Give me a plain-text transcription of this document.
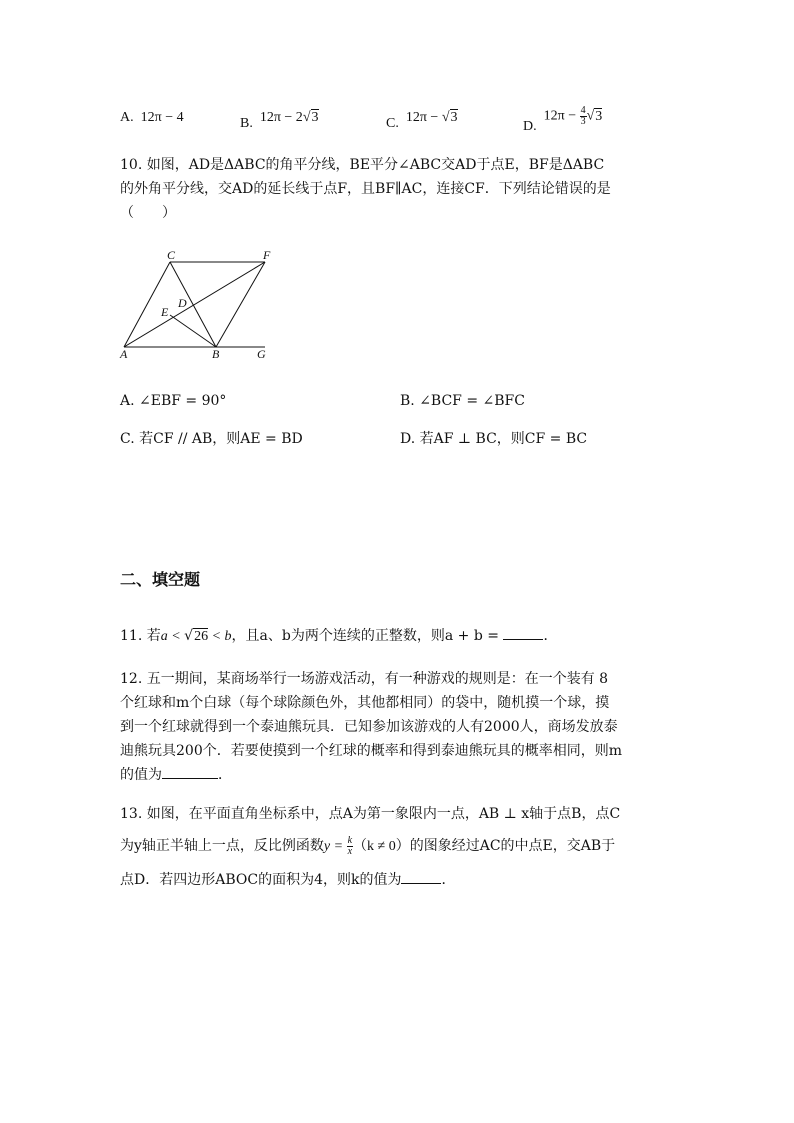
A. 12π − 4	B. 12π − 2√3	C. 12π − √3
D.  $12\pi - \frac{4}{3} √3$
10. 如图，AD是ΔABC的角平分线，BE平分∠ABC交AD于点E，BF是ΔABC
的外角平分线，交AD的延长线于点F，且BF∥AC，连接CF．下列结论错误的是
（　　）
C	F
D
E
A	B	G
A. ∠EBF = 90°	B. ∠BCF = ∠BFC
C. 若CF // AB，则AE = BD	D. 若AF ⊥ BC，则CF = BC
二、填空题
11. 若a < √26 < b，且a、b为两个连续的正整数，则a + b =	．
12. 五一期间，某商场举行一场游戏活动，有一种游戏的规则是：在一个装有 8
个红球和m个白球（每个球除颜色外，其他都相同）的袋中，随机摸一个球，摸
到一个红球就得到一个泰迪熊玩具．已知参加该游戏的人有2000人，商场发放泰
迪熊玩具200个．若要使摸到一个红球的概率和得到泰迪熊玩具的概率相同，则m
的值为	．
13. 如图，在平面直角坐标系中，点A为第一象限内一点，AB ⊥ x轴于点B，点C
为y轴正半轴上一点，反比例函数$y = \frac{k}{x} (k \ne 0)$的图象经过AC的中点E，交AB于
点D．若四边形ABOC的面积为4，则k的值为	．
